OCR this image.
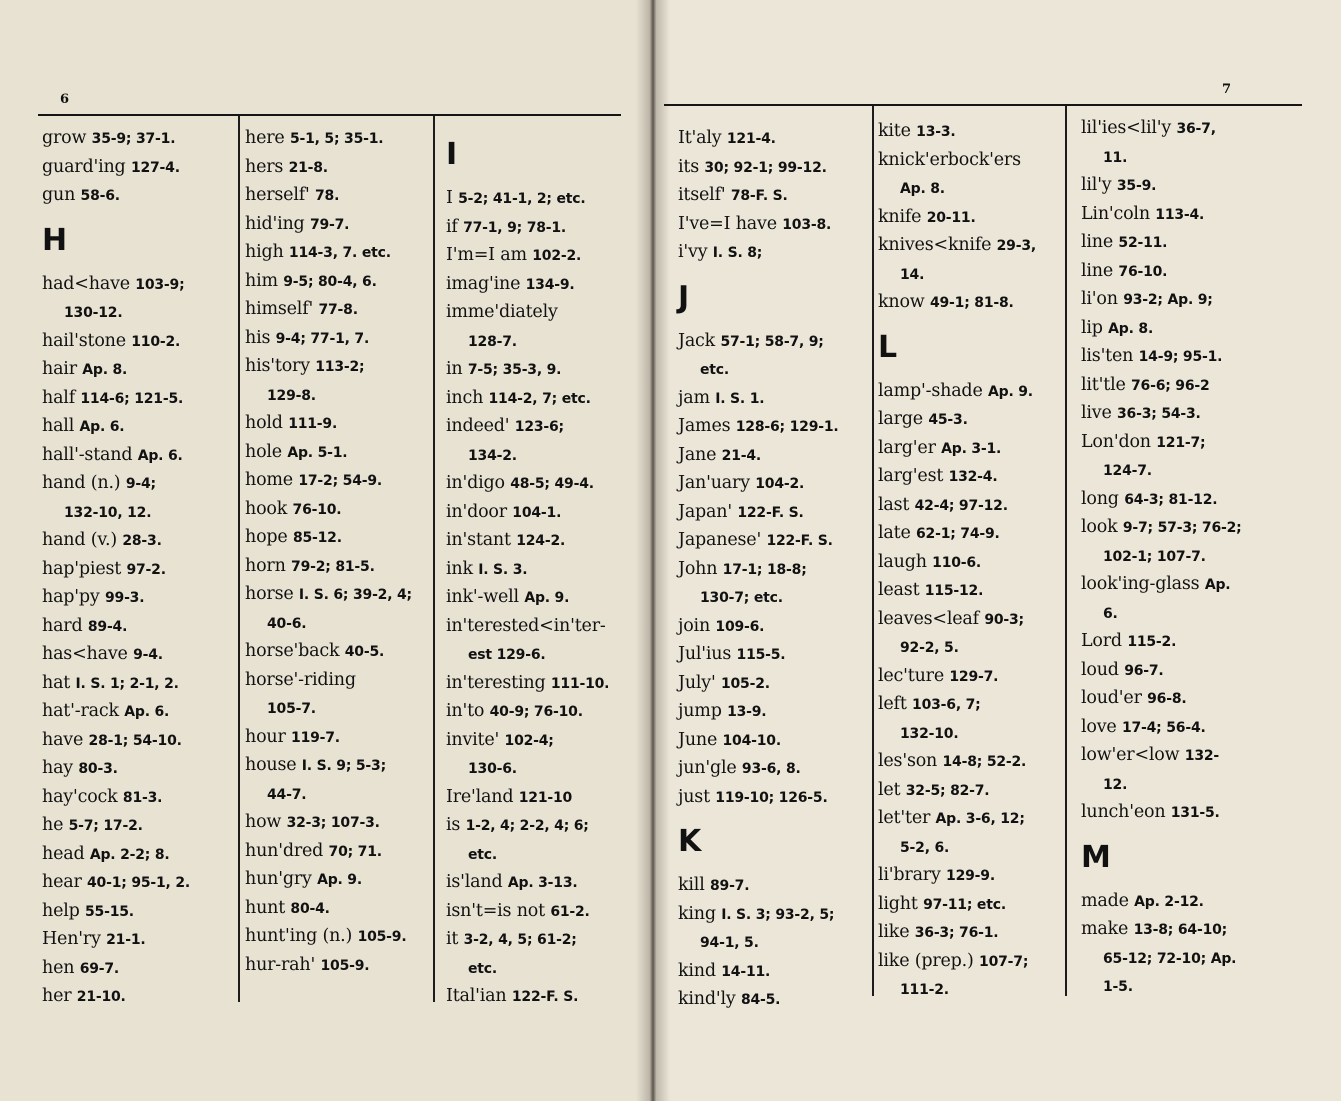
6
grow 35-9; 37-1.
guard'ing 127-4.
gun 58-6.
H
had<have 103-9;
130-12.
hail'stone 110-2.
hair Ap. 8.
half 114-6; 121-5.
hall Ap. 6.
hall'-stand Ap. 6.
hand (n.) 9-4;
132-10, 12.
hand (v.) 28-3.
hap'piest 97-2.
hap'py 99-3.
hard 89-4.
has<have 9-4.
hat I. S. 1; 2-1, 2.
hat'-rack Ap. 6.
have 28-1; 54-10.
hay 80-3.
hay'cock 81-3.
he 5-7; 17-2.
head Ap. 2-2; 8.
hear 40-1; 95-1, 2.
help 55-15.
Hen'ry 21-1.
hen 69-7.
her 21-10.
here 5-1, 5; 35-1.
hers 21-8.
herself' 78.
hid'ing 79-7.
high 114-3, 7. etc.
him 9-5; 80-4, 6.
himself' 77-8.
his 9-4; 77-1, 7.
his'tory 113-2;
129-8.
hold 111-9.
hole Ap. 5-1.
home 17-2; 54-9.
hook 76-10.
hope 85-12.
horn 79-2; 81-5.
horse I. S. 6; 39-2, 4;
40-6.
horse'back 40-5.
horse'-riding
105-7.
hour 119-7.
house I. S. 9; 5-3;
44-7.
how 32-3; 107-3.
hun'dred 70; 71.
hun'gry Ap. 9.
hunt 80-4.
hunt'ing (n.) 105-9.
hur-rah' 105-9.
I
I 5-2; 41-1, 2; etc.
if 77-1, 9; 78-1.
I'm=I am 102-2.
imag'ine 134-9.
imme'diately
128-7.
in 7-5; 35-3, 9.
inch 114-2, 7; etc.
indeed' 123-6;
134-2.
in'digo 48-5; 49-4.
in'door 104-1.
in'stant 124-2.
ink I. S. 3.
ink'-well Ap. 9.
in'terested<in'ter-
est 129-6.
in'teresting 111-10.
in'to 40-9; 76-10.
invite' 102-4;
130-6.
Ire'land 121-10
is 1-2, 4; 2-2, 4; 6;
etc.
is'land Ap. 3-13.
isn't=is not 61-2.
it 3-2, 4, 5; 61-2;
etc.
Ital'ian 122-F. S.
7
It'aly 121-4.
its 30; 92-1; 99-12.
itself' 78-F. S.
I've=I have 103-8.
i'vy I. S. 8;
J
Jack 57-1; 58-7, 9;
etc.
jam I. S. 1.
James 128-6; 129-1.
Jane 21-4.
Jan'uary 104-2.
Japan' 122-F. S.
Japanese' 122-F. S.
John 17-1; 18-8;
130-7; etc.
join 109-6.
Jul'ius 115-5.
July' 105-2.
jump 13-9.
June 104-10.
jun'gle 93-6, 8.
just 119-10; 126-5.
K
kill 89-7.
king I. S. 3; 93-2, 5;
94-1, 5.
kind 14-11.
kind'ly 84-5.
kite 13-3.
knick'erbock'ers
Ap. 8.
knife 20-11.
knives<knife 29-3,
14.
know 49-1; 81-8.
L
lamp'-shade Ap. 9.
large 45-3.
larg'er Ap. 3-1.
larg'est 132-4.
last 42-4; 97-12.
late 62-1; 74-9.
laugh 110-6.
least 115-12.
leaves<leaf 90-3;
92-2, 5.
lec'ture 129-7.
left 103-6, 7;
132-10.
les'son 14-8; 52-2.
let 32-5; 82-7.
let'ter Ap. 3-6, 12;
5-2, 6.
li'brary 129-9.
light 97-11; etc.
like 36-3; 76-1.
like (prep.) 107-7;
111-2.
lil'ies<lil'y 36-7,
11.
lil'y 35-9.
Lin'coln 113-4.
line 52-11.
line 76-10.
li'on 93-2; Ap. 9;
lip Ap. 8.
lis'ten 14-9; 95-1.
lit'tle 76-6; 96-2
live 36-3; 54-3.
Lon'don 121-7;
124-7.
long 64-3; 81-12.
look 9-7; 57-3; 76-2;
102-1; 107-7.
look'ing-glass Ap.
6.
Lord 115-2.
loud 96-7.
loud'er 96-8.
love 17-4; 56-4.
low'er<low 132-
12.
lunch'eon 131-5.
M
made Ap. 2-12.
make 13-8; 64-10;
65-12; 72-10; Ap.
1-5.
